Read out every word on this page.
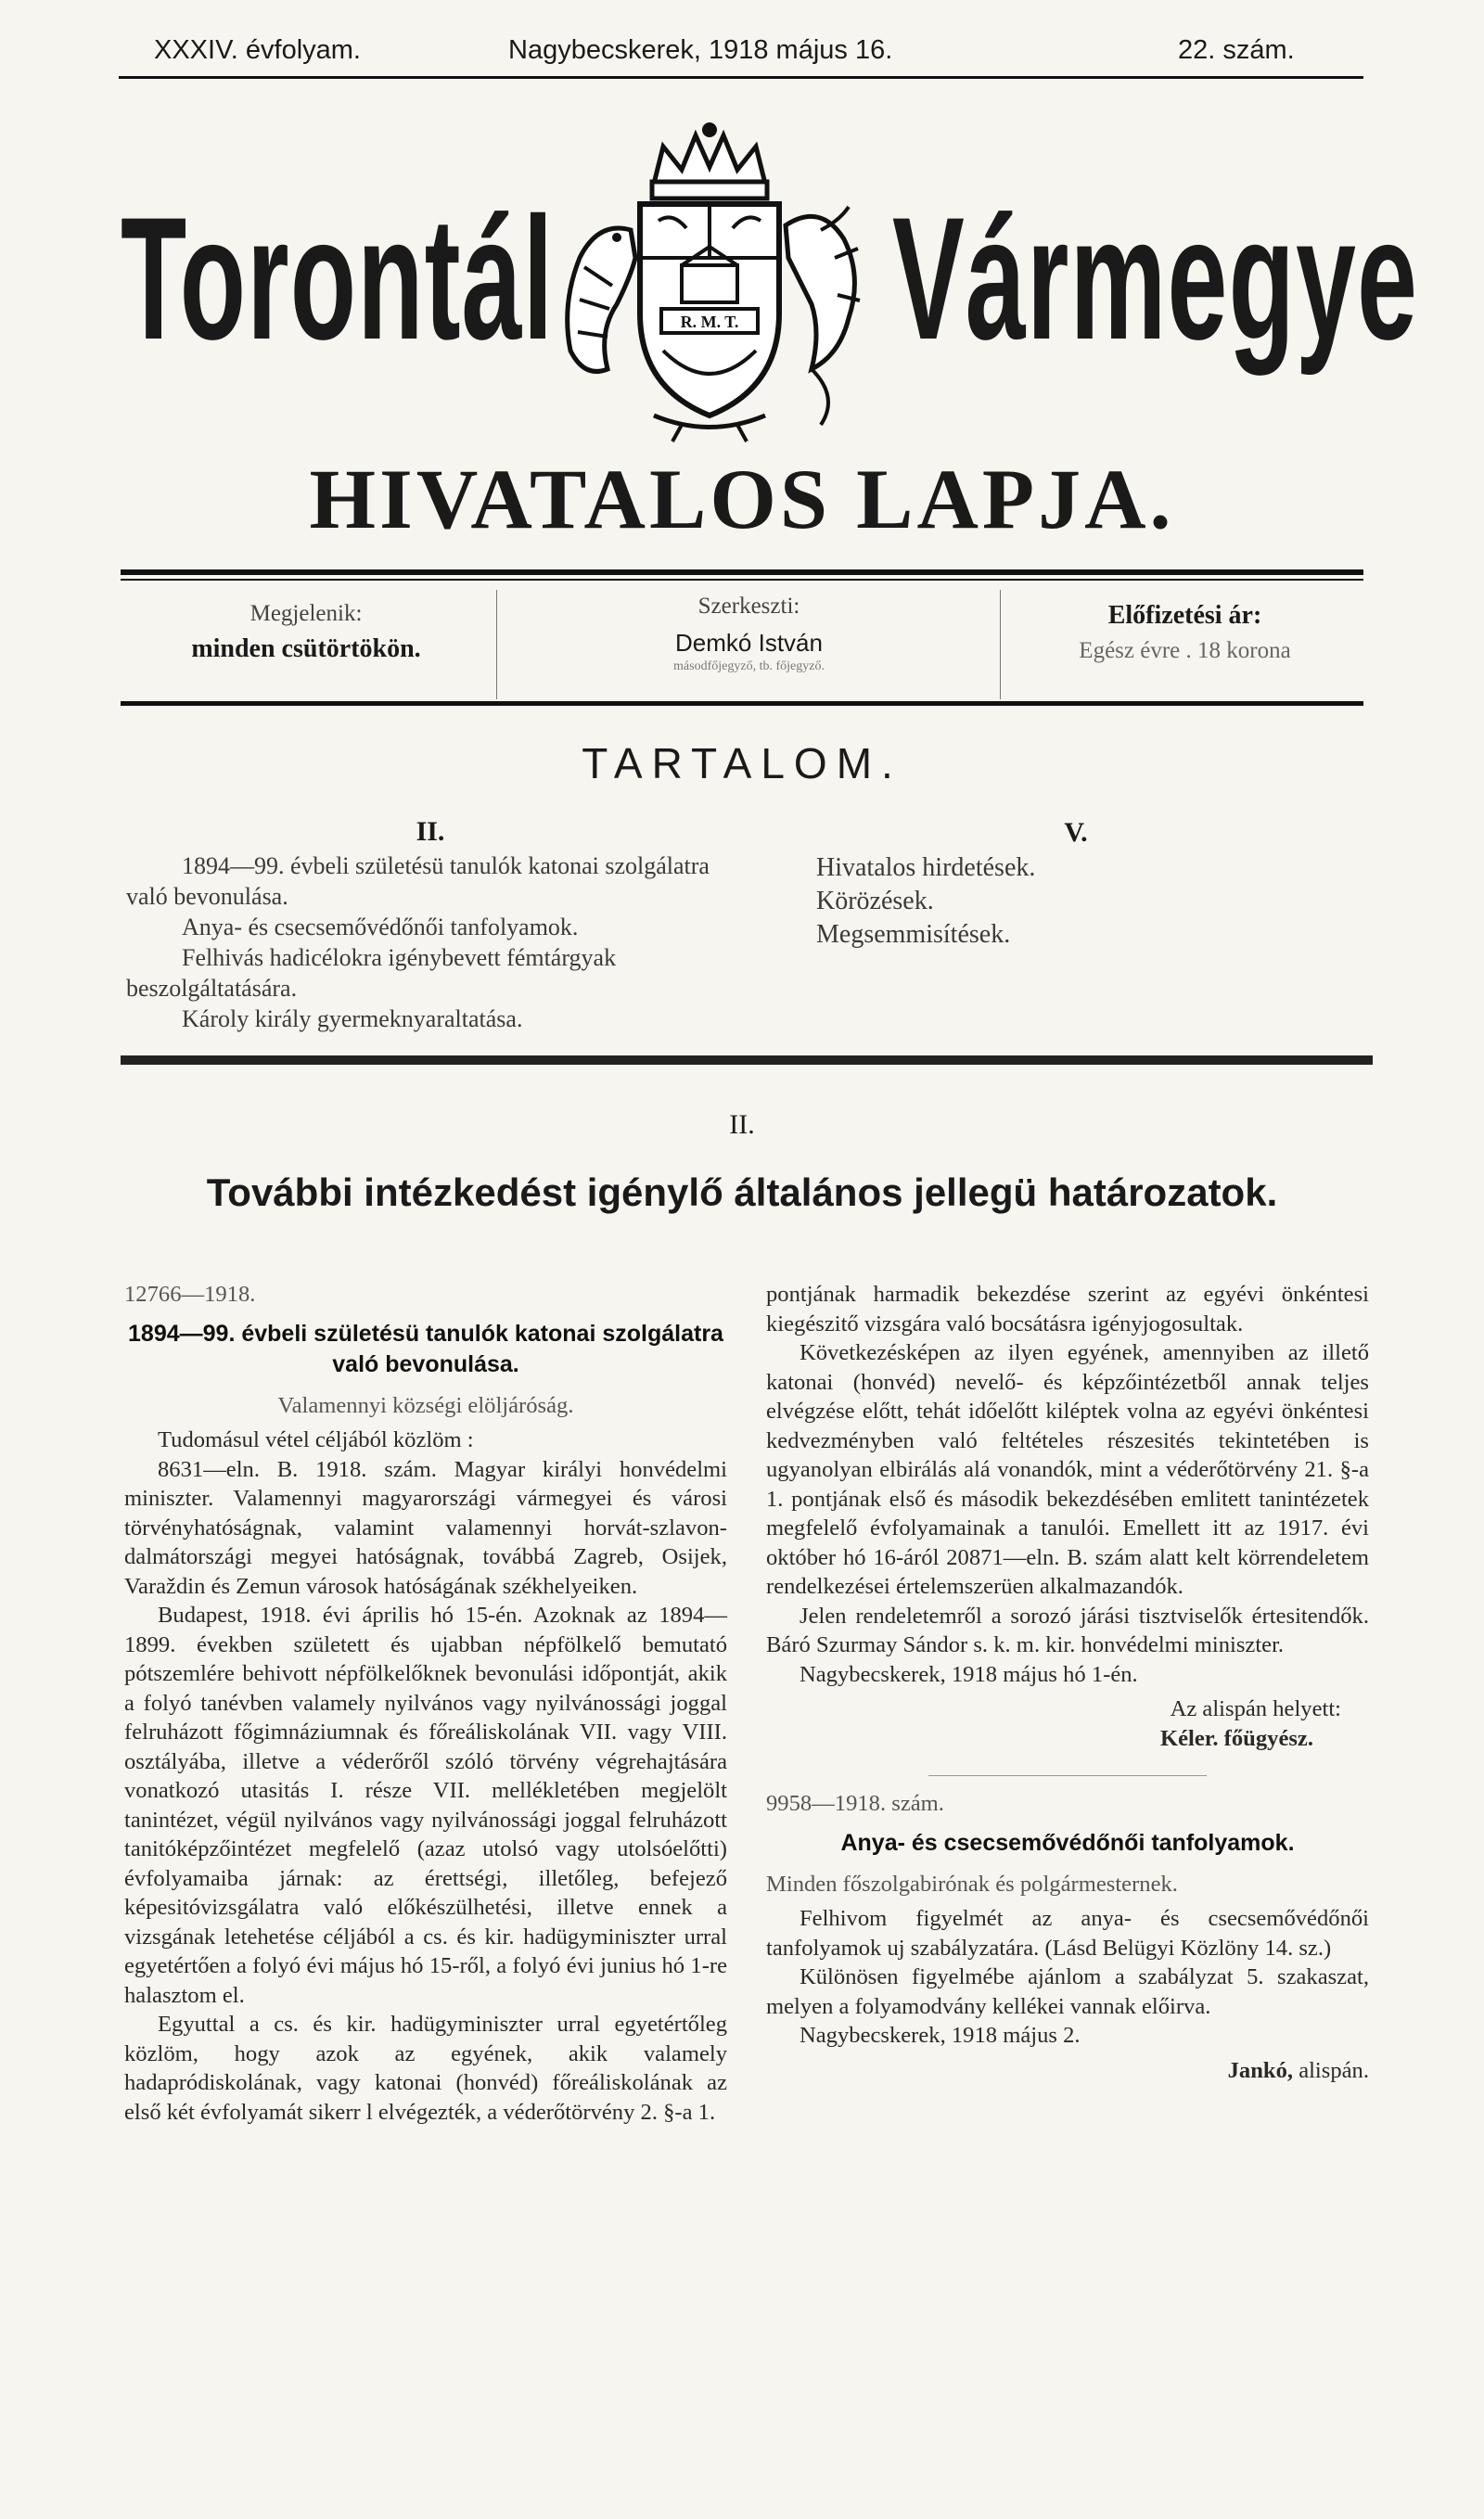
XXXIV. évfolyam.	Nagybecskerek, 1918 május 16.	22. szám.
Torontál Vármegye
R. M. T.
HIVATALOS LAPJA.
Megjelenik:
minden csütörtökön.
Szerkeszti:
Demkó István
másodfőjegyző, tb. főjegyző.
Előfizetési ár:
Egész évre . 18 korona
TARTALOM.
II.

1894—99. évbeli születésü tanulók katonai szolgálatra való bevonulása.

Anya- és csecsemővédőnői tanfolyamok.

Felhivás hadicélokra igénybevett fémtárgyak beszolgáltatására.

Károly király gyermeknyaraltatása.

V.

Hivatalos hirdetések.

Körözések.

Megsemmisítések.

II.
További intézkedést igénylő általános jellegü határozatok.

12766—1918.

1894—99. évbeli születésü tanulók katonai szolgálatra való bevonulása.

Valamennyi községi elöljáróság.

Tudomásul vétel céljából közlöm :

8631—eln. B. 1918. szám. Magyar királyi honvédelmi miniszter. Valamennyi magyarországi vármegyei és városi törvényhatóságnak, valamint valamennyi horvát-szlavon-dalmátországi megyei hatóságnak, továbbá Zagreb, Osijek, Varaždin és Zemun városok hatóságának székhelyeiken.

Budapest, 1918. évi április hó 15-én. Azoknak az 1894—1899. években született és ujabban népfölkelő bemutató pótszemlére behivott népfölkelőknek bevonulási időpontját, akik a folyó tanévben valamely nyilvános vagy nyilvánossági joggal felruházott főgimnáziumnak és főreáliskolának VII. vagy VIII. osztályába, illetve a véderőről szóló törvény végrehajtására vonatkozó utasitás I. része VII. mellékletében megjelölt tanintézet, végül nyilvános vagy nyilvánossági joggal felruházott tanitóképzőintézet megfelelő (azaz utolsó vagy utolsóelőtti) évfolyamaiba járnak: az érettségi, illetőleg, befejező képesitóvizsgálatra való előkészülhetési, illetve ennek a vizsgának letehetése céljából a cs. és kir. hadügyminiszter urral egyetértően a folyó évi május hó 15-ről, a folyó évi junius hó 1-re halasztom el.

Egyuttal a cs. és kir. hadügyminiszter urral egyetértőleg közlöm, hogy azok az egyének, akik valamely hadapródiskolának, vagy katonai (honvéd) főreáliskolának az első két évfolyamát sikerr l elvégezték, a véderőtörvény 2. §-a 1.

pontjának harmadik bekezdése szerint az egyévi önkéntesi kiegészitő vizsgára való bocsátásra igényjogosultak.

Következésképen az ilyen egyének, amennyiben az illető katonai (honvéd) nevelő- és képzőintézetből annak teljes elvégzése előtt, tehát időelőtt kiléptek volna az egyévi önkéntesi kedvezményben való feltételes részesités tekintetében is ugyanolyan elbirálás alá vonandók, mint a véderőtörvény 21. §-a 1. pontjának első és második bekezdésében emlitett tanintézetek megfelelő évfolyamainak a tanulói. Emellett itt az 1917. évi október hó 16-áról 20871—eln. B. szám alatt kelt körrendeletem rendelkezései értelemszerüen alkalmazandók.

Jelen rendeletemről a sorozó járási tisztviselők értesitendők. Báró Szurmay Sándor s. k. m. kir. honvédelmi miniszter.

Nagybecskerek, 1918 május hó 1-én.

Az alispán helyett:

Kéler. főügyész.

9958—1918. szám.

Anya- és csecsemővédőnői tanfolyamok.

Minden főszolgabirónak és polgármesternek.

Felhivom figyelmét az anya- és csecsemővédőnői tanfolyamok uj szabályzatára. (Lásd Belügyi Közlöny 14. sz.)

Különösen figyelmébe ajánlom a szabályzat 5. szakaszat, melyen a folyamodvány kellékei vannak előirva.

Nagybecskerek, 1918 május 2.

Jankó, alispán.
